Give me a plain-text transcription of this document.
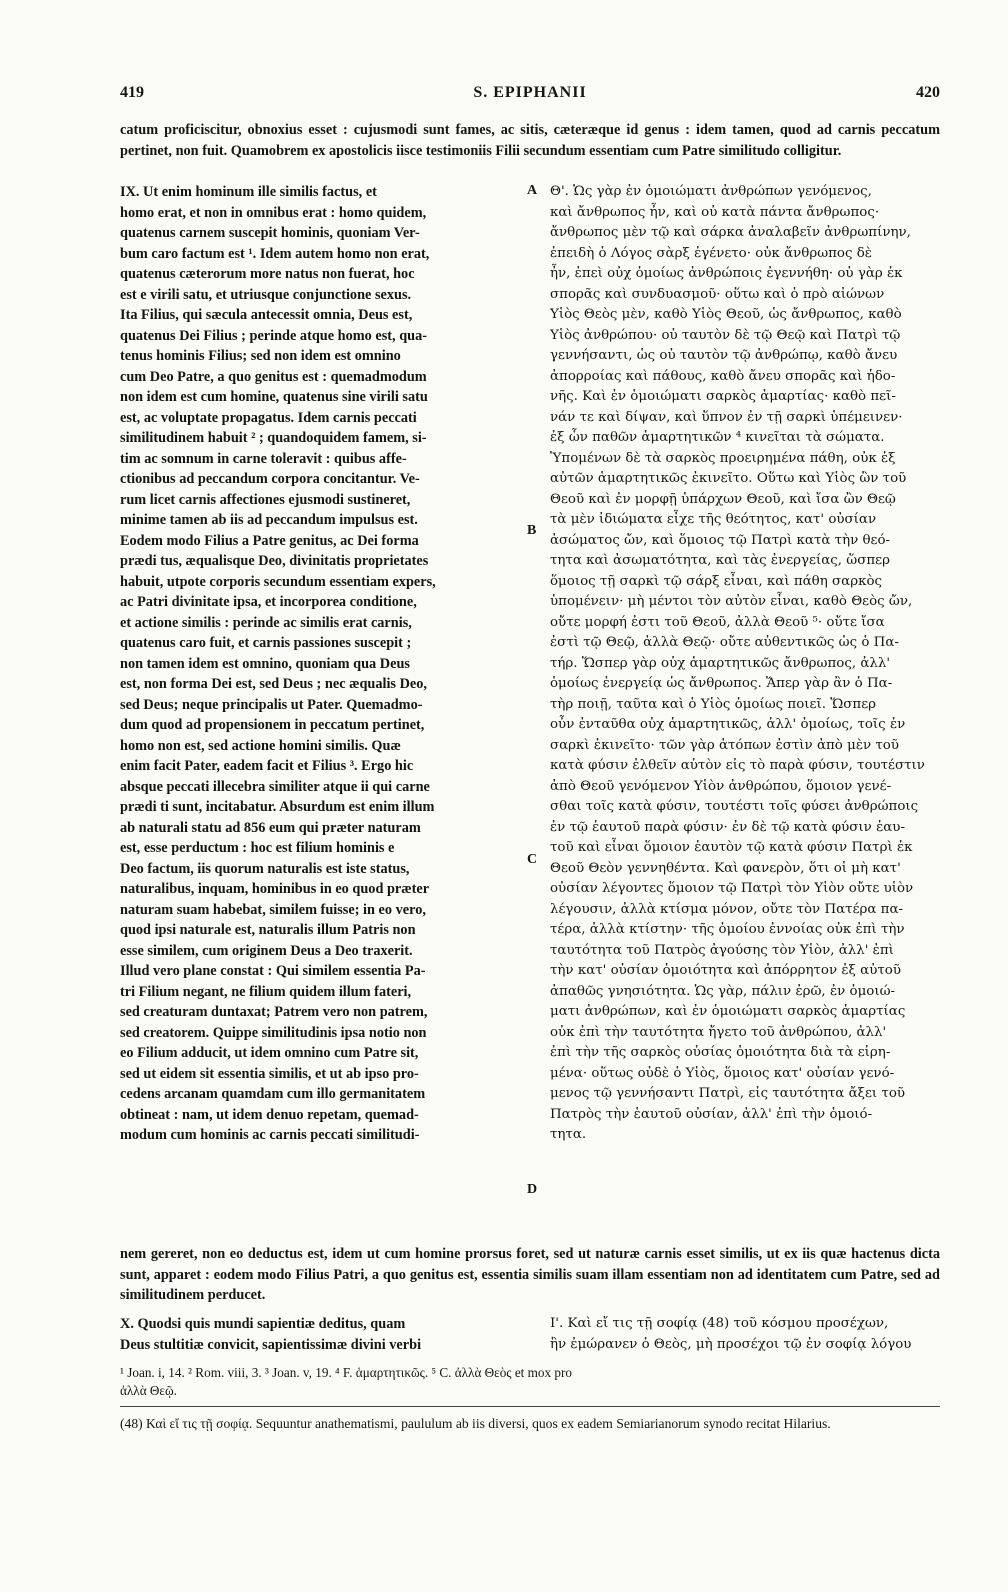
419	S. EPIPHANII	420
catum proficiscitur, obnoxius esset : cujusmodi sunt fames, ac sitis, cæteræque id genus : idem tamen, quod ad carnis peccatum pertinet, non fuit. Quamobrem ex apostolicis iisce testimoniis Filii secundum essentiam cum Patre similitudo colligitur.
IX. Ut enim hominum ille similis factus, et
homo erat, et non in omnibus erat : homo quidem,
quatenus carnem suscepit hominis, quoniam Ver-
bum caro factum est ¹. Idem autem homo non erat,
quatenus cæterorum more natus non fuerat, hoc
est e virili satu, et utriusque conjunctione sexus.
Ita Filius, qui sæcula antecessit omnia, Deus est,
quatenus Dei Filius ; perinde atque homo est, qua-
tenus hominis Filius; sed non idem est omnino
cum Deo Patre, a quo genitus est : quemadmodum
non idem est cum homine, quatenus sine virili satu
est, ac voluptate propagatus. Idem carnis peccati
similitudinem habuit ² ; quandoquidem famem, si-
tim ac somnum in carne toleravit : quibus affe-
ctionibus ad peccandum corpora concitantur. Ve-
rum licet carnis affectiones ejusmodi sustineret,
minime tamen ab iis ad peccandum impulsus est.
Eodem modo Filius a Patre genitus, ac Dei forma
prædi tus, æqualisque Deo, divinitatis proprietates
habuit, utpote corporis secundum essentiam expers,
ac Patri divinitate ipsa, et incorporea conditione,
et actione similis : perinde ac similis erat carnis,
quatenus caro fuit, et carnis passiones suscepit ;
non tamen idem est omnino, quoniam qua Deus
est, non forma Dei est, sed Deus ; nec æqualis Deo,
sed Deus; neque principalis ut Pater. Quemadmo-
dum quod ad propensionem in peccatum pertinet,
homo non est, sed actione homini similis. Quæ
enim facit Pater, eadem facit et Filius ³. Ergo hic
absque peccati illecebra similiter atque ii qui carne
prædi ti sunt, incitabatur. Absurdum est enim illum
ab naturali statu ad 856 eum qui præter naturam
est, esse perductum : hoc est filium hominis e
Deo factum, iis quorum naturalis est iste status,
naturalibus, inquam, hominibus in eo quod præter
naturam suam habebat, similem fuisse; in eo vero,
quod ipsi naturale est, naturalis illum Patris non
esse similem, cum originem Deus a Deo traxerit.
Illud vero plane constat : Qui similem essentia Pa-
tri Filium negant, ne filium quidem illum fateri,
sed creaturam duntaxat; Patrem vero non patrem,
sed creatorem. Quippe similitudinis ipsa notio non
eo Filium adducit, ut idem omnino cum Patre sit,
sed ut eidem sit essentia similis, et ut ab ipso pro-
cedens arcanam quamdam cum illo germanitatem
obtineat : nam, ut idem denuo repetam, quemad-
modum cum hominis ac carnis peccati similitudi-
Θ'. Ὡς γὰρ ἐν ὁμοιώματι ἀνθρώπων γενόμενος,
καὶ ἄνθρωπος ἦν, καὶ οὐ κατὰ πάντα ἄνθρωπος·
ἄνθρωπος μὲν τῷ καὶ σάρκα ἀναλαβεῖν ἀνθρωπίνην,
ἐπειδὴ ὁ Λόγος σὰρξ ἐγένετο· οὐκ ἄνθρωπος δὲ
ἦν, ἐπεὶ οὐχ ὁμοίως ἀνθρώποις ἐγεννήθη· οὐ γὰρ ἐκ
σπορᾶς καὶ συνδυασμοῦ· οὕτω καὶ ὁ πρὸ αἰώνων
Υἱὸς Θεὸς μὲν, καθὸ Υἱὸς Θεοῦ, ὡς ἄνθρωπος, καθὸ
Υἱὸς ἀνθρώπου· οὐ ταυτὸν δὲ τῷ Θεῷ καὶ Πατρὶ τῷ
γεννήσαντι, ὡς οὐ ταυτὸν τῷ ἀνθρώπῳ, καθὸ ἄνευ
ἀπορροίας καὶ πάθους, καθὸ ἄνευ σπορᾶς καὶ ἡδο-
νῆς. Καὶ ἐν ὁμοιώματι σαρκὸς ἁμαρτίας· καθὸ πεῖ-
νάν τε καὶ δίψαν, καὶ ὕπνον ἐν τῇ σαρκὶ ὑπέμεινεν·
ἐξ ὧν παθῶν ἁμαρτητικῶν ⁴ κινεῖται τὰ σώματα.
Ὑπομένων δὲ τὰ σαρκὸς προειρημένα πάθη, οὐκ ἐξ
αὐτῶν ἁμαρτητικῶς ἐκινεῖτο. Οὕτω καὶ Υἱὸς ὢν τοῦ
Θεοῦ καὶ ἐν μορφῇ ὑπάρχων Θεοῦ, καὶ ἴσα ὢν Θεῷ
τὰ μὲν ἰδιώματα εἶχε τῆς θεότητος, κατ' οὐσίαν
ἀσώματος ὤν, καὶ ὅμοιος τῷ Πατρὶ κατὰ τὴν θεό-
τητα καὶ ἀσωματότητα, καὶ τὰς ἐνεργείας, ὥσπερ
ὅμοιος τῇ σαρκὶ τῷ σάρξ εἶναι, καὶ πάθη σαρκὸς
ὑπομένειν· μὴ μέντοι τὸν αὐτὸν εἶναι, καθὸ Θεὸς ὤν,
οὔτε μορφή ἐστι τοῦ Θεοῦ, ἀλλὰ Θεοῦ ⁵· οὔτε ἴσα
ἐστὶ τῷ Θεῷ, ἀλλὰ Θεῷ· οὔτε αὐθεντικῶς ὡς ὁ Πα-
τήρ. Ὥσπερ γὰρ οὐχ ἁμαρτητικῶς ἄνθρωπος, ἀλλ'
ὁμοίως ἐνεργείᾳ ὡς ἄνθρωπος. Ἅπερ γὰρ ἂν ὁ Πα-
τὴρ ποιῇ, ταῦτα καὶ ὁ Υἱὸς ὁμοίως ποιεῖ. Ὥσπερ
οὖν ἐνταῦθα οὐχ ἁμαρτητικῶς, ἀλλ' ὁμοίως, τοῖς ἐν
σαρκὶ ἐκινεῖτο· τῶν γὰρ ἀτόπων ἐστὶν ἀπὸ μὲν τοῦ
κατὰ φύσιν ἐλθεῖν αὐτὸν εἰς τὸ παρὰ φύσιν, τουτέστιν
ἀπὸ Θεοῦ γενόμενον Υἱὸν ἀνθρώπου, ὅμοιον γενέ-
σθαι τοῖς κατὰ φύσιν, τουτέστι τοῖς φύσει ἀνθρώποις
ἐν τῷ ἑαυτοῦ παρὰ φύσιν· ἐν δὲ τῷ κατὰ φύσιν ἑαυ-
τοῦ καὶ εἶναι ὅμοιον ἑαυτὸν τῷ κατὰ φύσιν Πατρὶ ἐκ
Θεοῦ Θεὸν γεννηθέντα. Καὶ φανερὸν, ὅτι οἱ μὴ κατ'
οὐσίαν λέγοντες ὅμοιον τῷ Πατρὶ τὸν Υἱὸν οὔτε υἱὸν
λέγουσιν, ἀλλὰ κτίσμα μόνον, οὔτε τὸν Πατέρα πα-
τέρα, ἀλλὰ κτίστην· τῆς ὁμοίου ἐννοίας οὐκ ἐπὶ τὴν
ταυτότητα τοῦ Πατρὸς ἀγούσης τὸν Υἱὸν, ἀλλ' ἐπὶ
τὴν κατ' οὐσίαν ὁμοιότητα καὶ ἀπόρρητον ἐξ αὐτοῦ
ἀπαθῶς γνησιότητα. Ὡς γὰρ, πάλιν ἐρῶ, ἐν ὁμοιώ-
ματι ἀνθρώπων, καὶ ἐν ὁμοιώματι σαρκὸς ἁμαρτίας
οὐκ ἐπὶ τὴν ταυτότητα ἤγετο τοῦ ἀνθρώπου, ἀλλ'
ἐπὶ τὴν τῆς σαρκὸς οὐσίας ὁμοιότητα διὰ τὰ εἰρη-
μένα· οὕτως οὐδὲ ὁ Υἱὸς, ὅμοιος κατ' οὐσίαν γενό-
μενος τῷ γεννήσαντι Πατρὶ, εἰς ταυτότητα ἄξει τοῦ
Πατρὸς τὴν ἑαυτοῦ οὐσίαν, ἀλλ' ἐπὶ τὴν ὁμοιό-
τητα.
A
B
C
D
nem gereret, non eo deductus est, idem ut cum homine prorsus foret, sed ut naturæ carnis esset similis, ut ex iis quæ hactenus dicta sunt, apparet : eodem modo Filius Patri, a quo genitus est, essentia similis suam illam essentiam non ad identitatem cum Patre, sed ad similitudinem perducet.
X. Quodsi quis mundi sapientiæ deditus, quam
Deus stultitiæ convicit, sapientissimæ divini verbi
Ι'. Καὶ εἴ τις τῇ σοφίᾳ (48) τοῦ κόσμου προσέχων,
ἣν ἐμώρανεν ὁ Θεὸς, μὴ προσέχοι τῷ ἐν σοφίᾳ λόγου
¹ Joan. i, 14. ² Rom. viii, 3. ³ Joan. v, 19. ⁴ F. ἁμαρτητικῶς. ⁵ C. ἀλλὰ Θεὸς et mox pro
ἀλλὰ Θεῷ.
(48) Καὶ εἴ τις τῇ σοφίᾳ. Sequuntur anathematismi, paululum ab iis diversi, quos ex eadem Semiarianorum synodo recitat Hilarius.
